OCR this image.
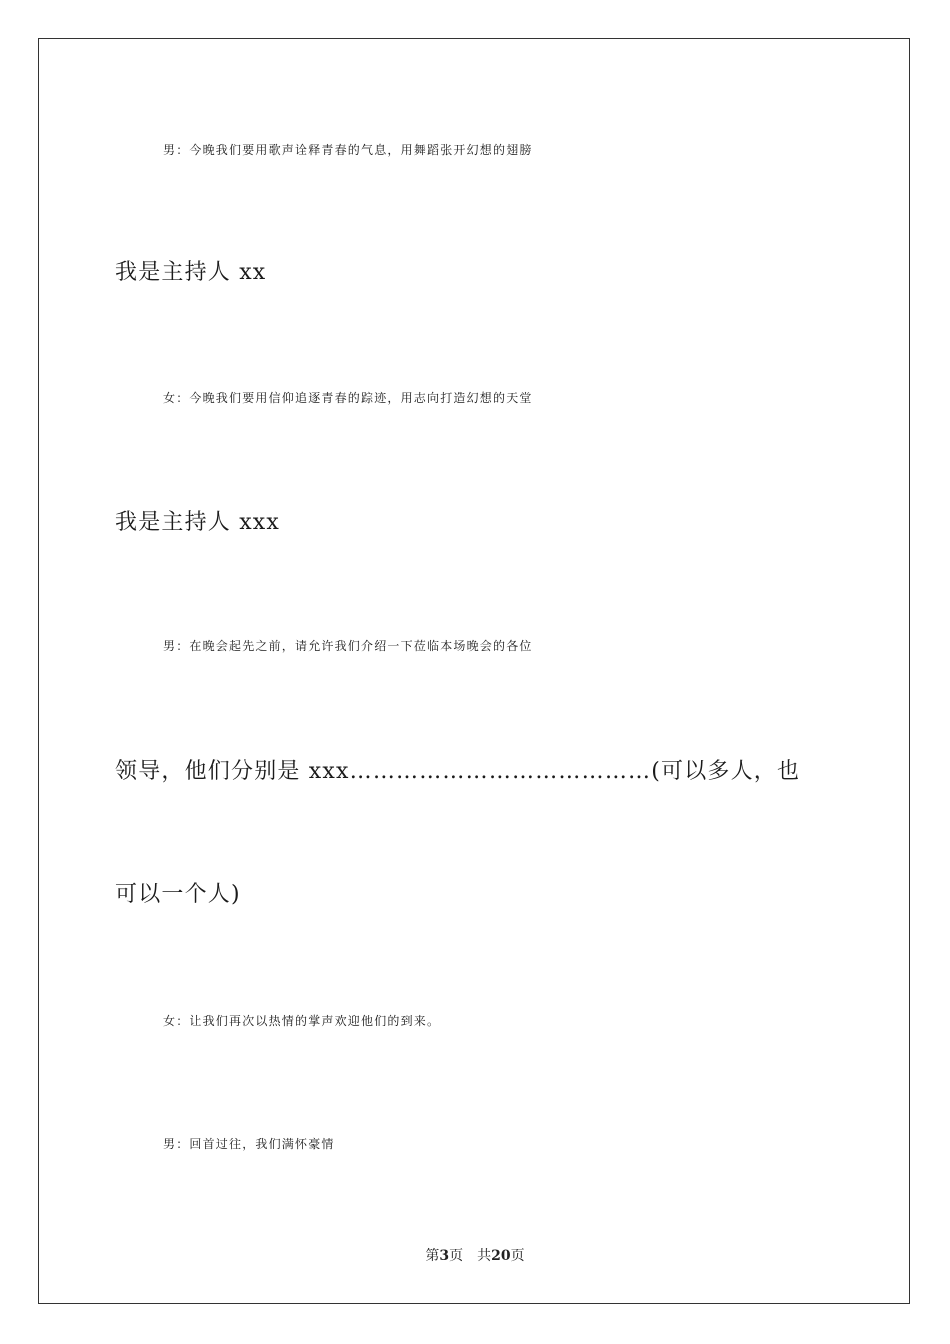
男：今晚我们要用歌声诠释青春的气息，用舞蹈张开幻想的翅膀
我是主持人 xx
女：今晚我们要用信仰追逐青春的踪迹，用志向打造幻想的天堂
我是主持人 xxx
男：在晚会起先之前，请允许我们介绍一下莅临本场晚会的各位
领导，他们分别是 xxx…………………………………(可以多人，也
可以一个人)
女：让我们再次以热情的掌声欢迎他们的到来。
男：回首过往，我们满怀豪情
第3页 共20页
